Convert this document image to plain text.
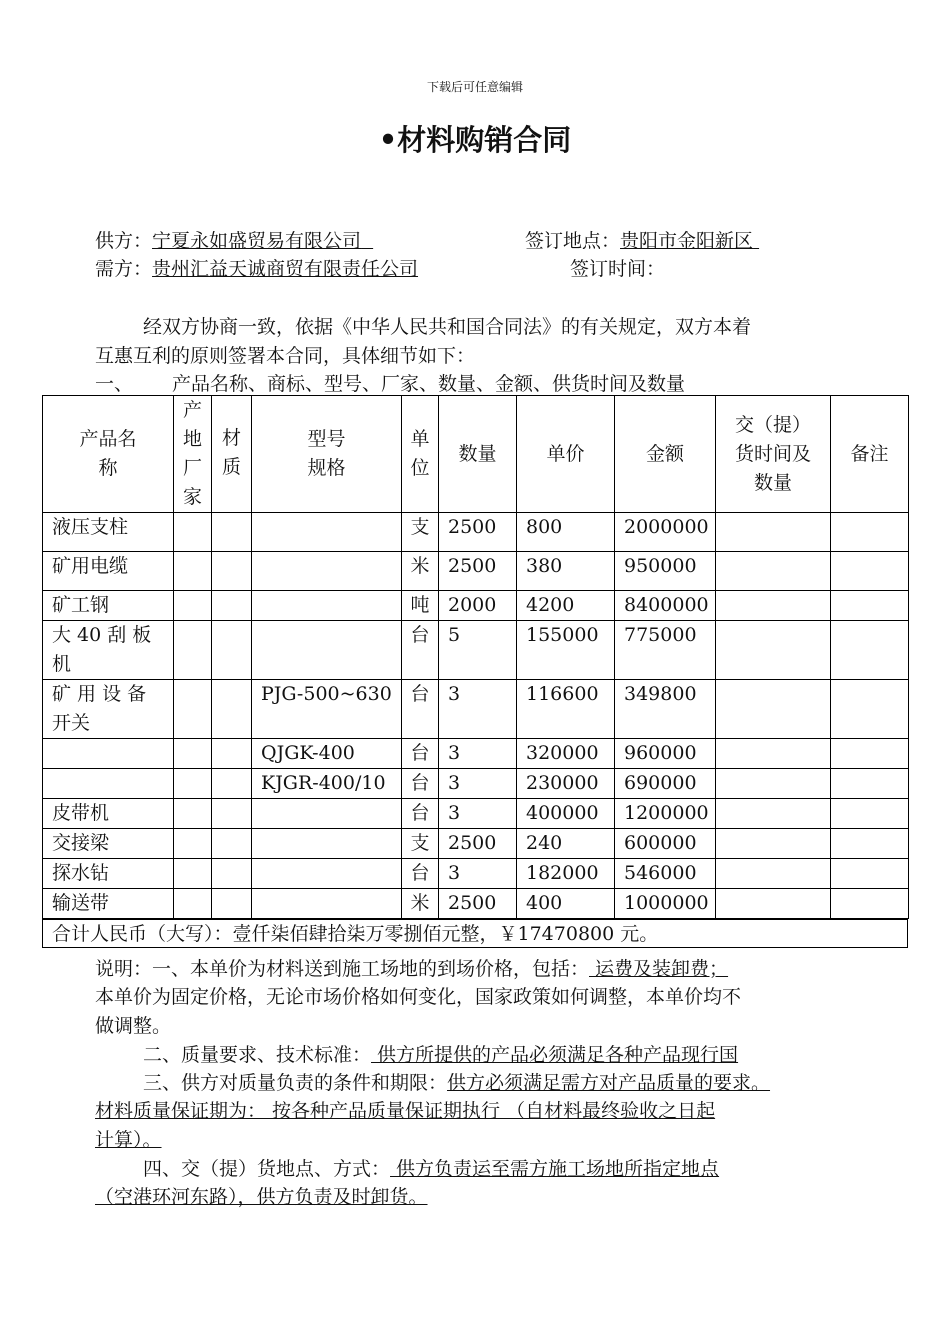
下载后可任意编辑
•材料购销合同
供方：宁夏永如盛贸易有限公司	签订地点：贵阳市金阳新区
需方：贵州汇益天诚商贸有限责任公司	签订时间：
经双方协商一致，依据《中华人民共和国合同法》的有关规定，双方本着
互惠互利的原则签署本合同，具体细节如下：
一、 产品名称、商标、型号、厂家、数量、金额、供货时间及数量
产品名称	产地厂家	材质	型号规格	单位	数量	单价	金额	交（提）货时间及数量	备注
液压支柱				支	2500	800	2000000		
矿用电缆				米	2500	380	950000		
矿工钢				吨	2000	4200	8400000		
大 40 刮 板机				台	5	155000	775000		
矿 用 设 备开关			PJG-500~630	台	3	116600	349800		
			QJGK-400	台	3	320000	960000		
			KJGR-400/10	台	3	230000	690000		
皮带机				台	3	400000	1200000		
交接梁				支	2500	240	600000		
探水钻				台	3	182000	546000		
输送带				米	2500	400	1000000		
合计人民币（大写）：壹仟柒佰肆拾柒万零捌佰元整，￥17470800 元。
说明：一、本单价为材料送到施工场地的到场价格，包括： 运费及装卸费；
本单价为固定价格，无论市场价格如何变化，国家政策如何调整，本单价均不
做调整。
二、质量要求、技术标准： 供方所提供的产品必须满足各种产品现行国
三、供方对质量负责的条件和期限：供方必须满足需方对产品质量的要求。
材料质量保证期为： 按各种产品质量保证期执行 （自材料最终验收之日起
计算）。
四、交（提）货地点、方式： 供方负责运至需方施工场地所指定地点
（空港环河东路），供方负责及时卸货。
